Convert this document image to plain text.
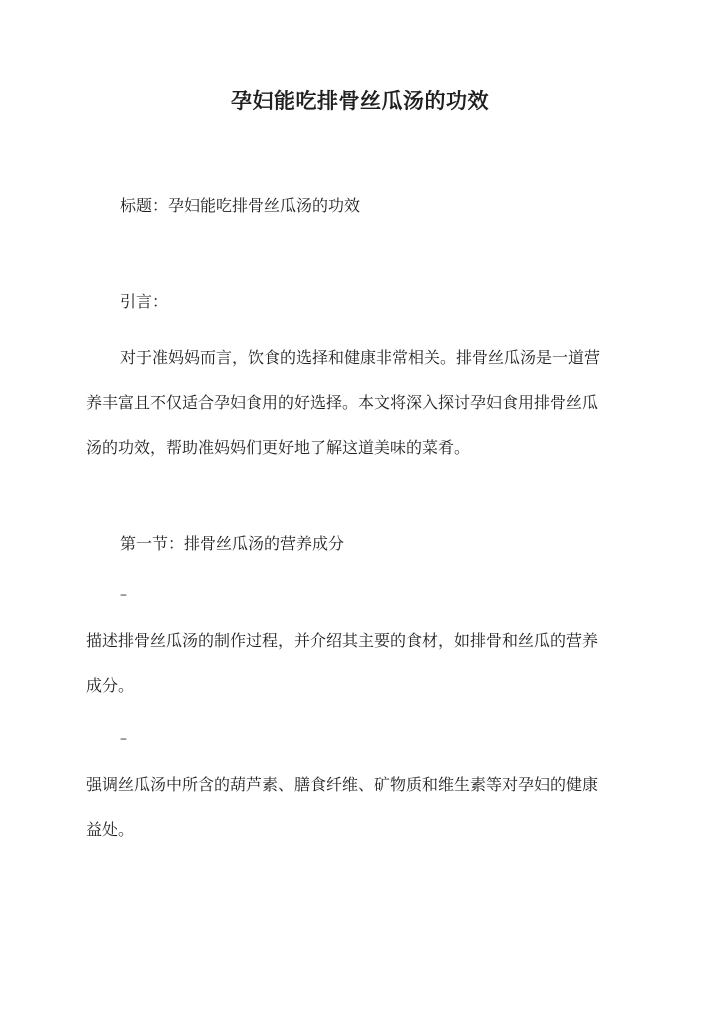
孕妇能吃排骨丝瓜汤的功效
标题：孕妇能吃排骨丝瓜汤的功效
引言：
对于准妈妈而言，饮食的选择和健康非常相关。排骨丝瓜汤是一道营
养丰富且不仅适合孕妇食用的好选择。本文将深入探讨孕妇食用排骨丝瓜
汤的功效，帮助准妈妈们更好地了解这道美味的菜肴。
第一节：排骨丝瓜汤的营养成分
–
描述排骨丝瓜汤的制作过程，并介绍其主要的食材，如排骨和丝瓜的营养
成分。
–
强调丝瓜汤中所含的葫芦素、膳食纤维、矿物质和维生素等对孕妇的健康
益处。
